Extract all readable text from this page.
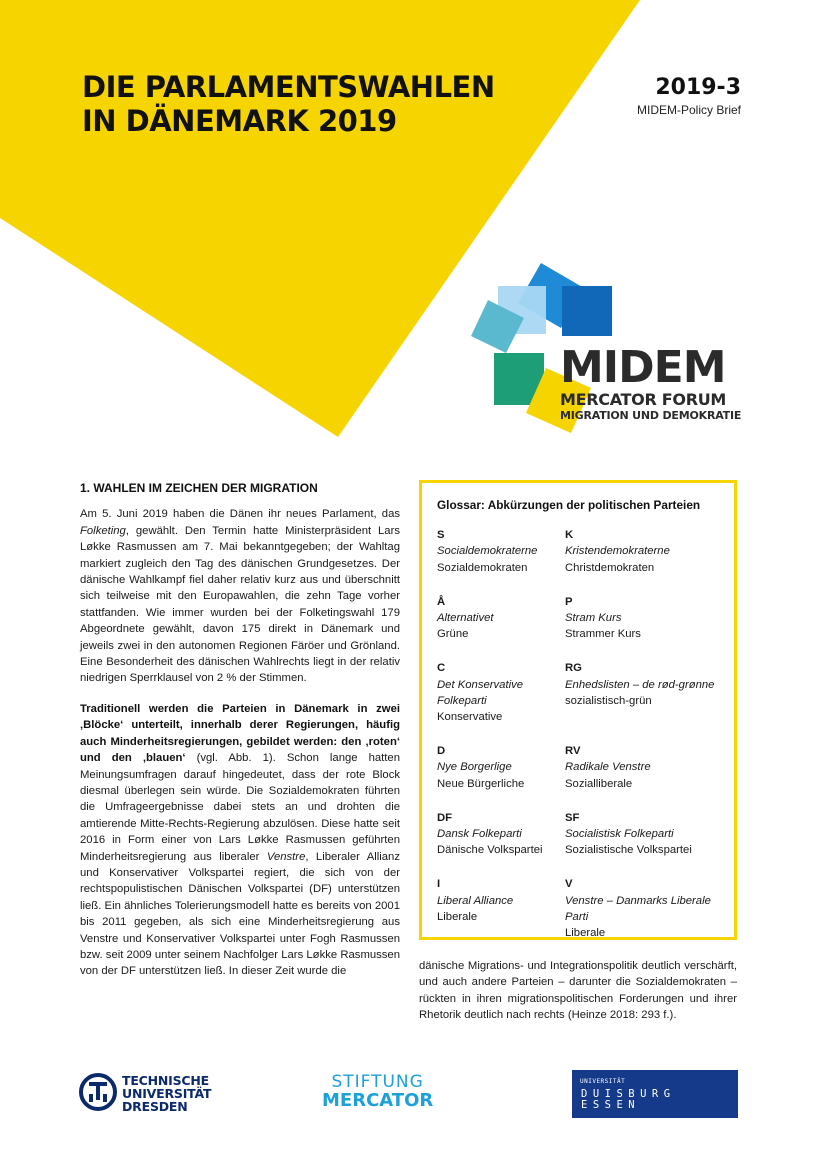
DIE PARLAMENTSWAHLEN
IN DÄNEMARK 2019
2019-3
MIDEM-Policy Brief
MIDEM
MERCATOR FORUM
MIGRATION UND DEMOKRATIE
1. WAHLEN IM ZEICHEN DER MIGRATION

Am 5. Juni 2019 haben die Dänen ihr neues Parlament, das Folketing, gewählt. Den Termin hatte Ministerpräsident Lars Løkke Rasmussen am 7. Mai bekanntgegeben; der Wahltag markiert zugleich den Tag des dänischen Grundgesetzes. Der dänische Wahlkampf fiel daher relativ kurz aus und überschnitt sich teilweise mit den Europawahlen, die zehn Tage vorher stattfanden. Wie immer wurden bei der Folketingswahl 179 Abgeordnete gewählt, davon 175 direkt in Dänemark und jeweils zwei in den autonomen Regionen Färöer und Grönland. Eine Besonderheit des dänischen Wahlrechts liegt in der relativ niedrigen Sperrklausel von 2 % der Stimmen.

Traditionell werden die Parteien in Dänemark in zwei ‚Blöcke‘ unterteilt, innerhalb derer Regierungen, häufig auch Minderheitsregierungen, gebildet werden: den ‚roten‘ und den ‚blauen‘ (vgl. Abb. 1). Schon lange hatten Meinungsumfragen darauf hingedeutet, dass der rote Block diesmal überlegen sein würde. Die Sozialdemokraten führten die Umfrageergebnisse dabei stets an und drohten die amtierende Mitte-Rechts-Regierung abzulösen. Diese hatte seit 2016 in Form einer von Lars Løkke Rasmussen geführten Minderheitsregierung aus liberaler Venstre, Liberaler Allianz und Konservativer Volkspartei regiert, die sich von der rechtspopulistischen Dänischen Volkspartei (DF) unterstützen ließ. Ein ähnliches Tolerierungsmodell hatte es bereits von 2001 bis 2011 gegeben, als sich eine Minderheitsregierung aus Venstre und Konservativer Volkspartei unter Fogh Rasmussen bzw. seit 2009 unter seinem Nachfolger Lars Løkke Rasmussen von der DF unterstützen ließ. In dieser Zeit wurde die

Glossar: Abkürzungen der politischen Parteien
S
Socialdemokraterne
Sozialdemokraten
K
Kristendemokraterne
Christdemokraten
Å
Alternativet
Grüne
P
Stram Kurs
Strammer Kurs
C
Det Konservative Folkeparti
Konservative
RG
Enhedslisten – de rød-grønne
sozialistisch-grün
D
Nye Borgerlige
Neue Bürgerliche
RV
Radikale Venstre
Sozialliberale
DF
Dansk Folkeparti
Dänische Volkspartei
SF
Socialistisk Folkeparti
Sozialistische Volkspartei
I
Liberal Alliance
Liberale
V
Venstre – Danmarks Liberale Parti
Liberale
dänische Migrations- und Integrationspolitik deutlich verschärft, und auch andere Parteien – darunter die Sozialdemokraten – rückten in ihren migrationspolitischen Forderungen und ihrer Rhetorik deutlich nach rechts (Heinze 2018: 293 f.).
TECHNISCHE
UNIVERSITÄT
DRESDEN
STIFTUNG
MERCATOR
UNIVERSITÄT
DUISBURG
ESSEN
